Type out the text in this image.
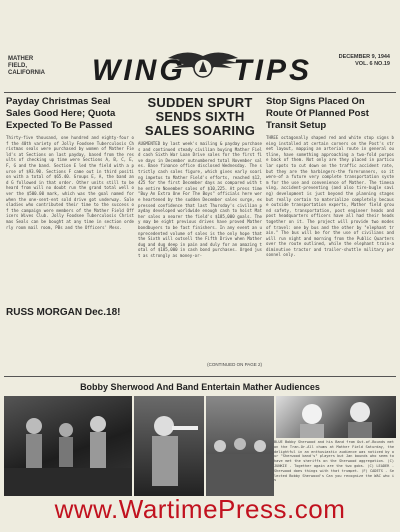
MATHER FIELD,
CALIFORNIA WING TIPS	DECEMBER 9, 1944
VOL. 6 NO.19

Payday Christmas Seal Sales Good Here; Quota Expected To Be Passed

Thirty-five thousand, one hundred and eighty-four of the 40th variety of Jolly Foodsee Tuberculosis Christmas seals were purchased by women of Mather Field's at Sections on last payday, based from the results of checking up time were Sections A, B, C, E, F, G and the band. Section E led the field with a purse of $93.90. Sections F came out in third position with a total of $65.40. Groups E, A, the band and G followed in that order. Other units still to be heard from will no doubt run the grand total well over the $500.00 mark, which was the goal named for when the one-sent-ent sold drive got underway. Salesladies who contributed their time to the success of the campaign were members of the Mather Field Officers Wives Club. Jolly Foodsee Tuberculosis Christmas Seals can be bought at any time in section orderly room mail room, PBs and the Officers' Mess.

RUSS MORGAN Dec.18!

SUDDEN SPURT SENDS SIXTH SALES SOARING

AUGMENTED by last week's mailing & payday purchases and continued steady civilian buying Mather Field cash Sixth War Loan Drive sales for the first five days in December outnumbered total November sales. Base finance office disclosed Wednesday. The strictly cash sales figure, which gives early soaring impetus to Mather Field's efforts, reached $12,425 for the first December days as compared with the entire November sales of $10,225. At press time "Buy An Extra One For The Boys" officials here were heartened by the sudden December sales surge, expressed confidence that last Thursday's civilian payday developed worldwide enough cash to hoist Mather sales a nearer the field's $185,000 goals. They may be eight previous drives have proved Mather bondbuyers to be fast finishers. In any event an unprecedented volume of sales is the only hope that the Sixth will outsell the Fifth Drive when Mather dug and dug deep in pain and duly for an amazing total of $185,000 in cash bond purchases. Urged just as strongly as money-or-

(CONTINUED ON PAGE 2)

Stop Signs Placed On Route Of Planned Post Transit Setup

THREE octagonally shaped red and white stop signs being installed at certain corners on the Post's street layout, mapping an arterial route in general outline, have something approaching a two-fold purpose back of them. Not only are they placed in particular spots to cut down on the traffic accident rate, but they are the harbingers-the forerunners, so it were-of a future very complete transportation system for the use and convenience of Mather. The timesaving, accident-preventing (and also tire-bugle saving) development is just beyond the planning stages but really certain to materialize completely because outside transportation experts, Mather field ground safety, transportation, post engineer heads and post headquarters officers have all had their heads together on it. The project will provide two modes of travel: one by bus and the other by "elephant train." The bus will be for the use of civilians and will run night and morning from the Public Quarters over the route outlined, while the elephant train-a diminutive tractor and trailer-shuttle military personnel only.

Bobby Sherwood And Band Entertain Mather Audiences
BLUE Bobby Sherwood and his Band from Out-of-Bounds met on the Tran-Or-All chums at Mather Field Saturday, the delightful in an enthusiastic audience was noticed by our "Sherwood band's" players but Jan bounds who seem to have met the sheriffs on the Sherwood aggregation. (C) JUNKIE - Together again are the two gobs. (C) LEADER - Sherwood does things with that trumpet. (F) CADETS - Selected Bobby Sherwood's Can you recognize the WAC who is
www.WartimePress.com
